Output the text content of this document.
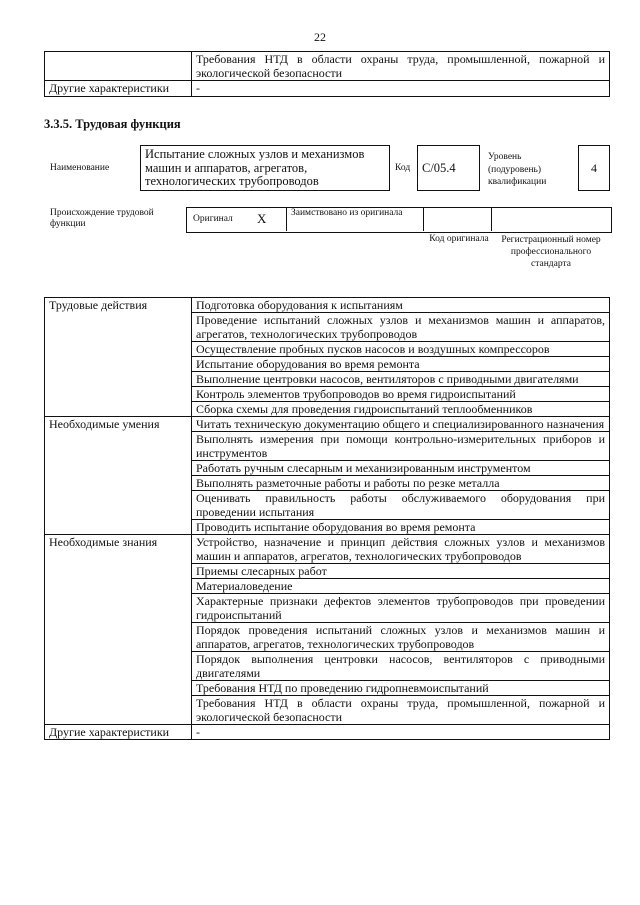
22
	Требования НТД в области охраны труда, промышленной, пожарной и экологической безопасности
Другие характеристики	-
3.3.5. Трудовая функция
Наименование
Испытание сложных узлов и механизмов машин и аппаратов, агрегатов, технологических трубопроводов
Код С/05.4
Уровень (подуровень) квалификации
4
Происхождение трудовой функции	Оригинал X	Заимствовано из оригинала
Код оригинала	Регистрационный номер профессионального стандарта
Трудовые действия	Подготовка оборудования к испытаниям
	Проведение испытаний сложных узлов и механизмов машин и аппаратов, агрегатов, технологических трубопроводов
	Осуществление пробных пусков насосов и воздушных компрессоров
	Испытание оборудования во время ремонта
	Выполнение центровки насосов, вентиляторов с приводными двигателями
	Контроль элементов трубопроводов во время гидроиспытаний
	Сборка схемы для проведения гидроиспытаний теплообменников
Необходимые умения	Читать техническую документацию общего и специализированного назначения
	Выполнять измерения при помощи контрольно-измерительных приборов и инструментов
	Работать ручным слесарным и механизированным инструментом
	Выполнять разметочные работы и работы по резке металла
	Оценивать правильность работы обслуживаемого оборудования при проведении испытания
	Проводить испытание оборудования во время ремонта
Необходимые знания	Устройство, назначение и принцип действия сложных узлов и механизмов машин и аппаратов, агрегатов, технологических трубопроводов
	Приемы слесарных работ
	Материаловедение
	Характерные признаки дефектов элементов трубопроводов при проведении гидроиспытаний
	Порядок проведения испытаний сложных узлов и механизмов машин и аппаратов, агрегатов, технологических трубопроводов
	Порядок выполнения центровки насосов, вентиляторов с приводными двигателями
	Требования НТД по проведению гидропневмоиспытаний
	Требования НТД в области охраны труда, промышленной, пожарной и экологической безопасности
Другие характеристики	-
